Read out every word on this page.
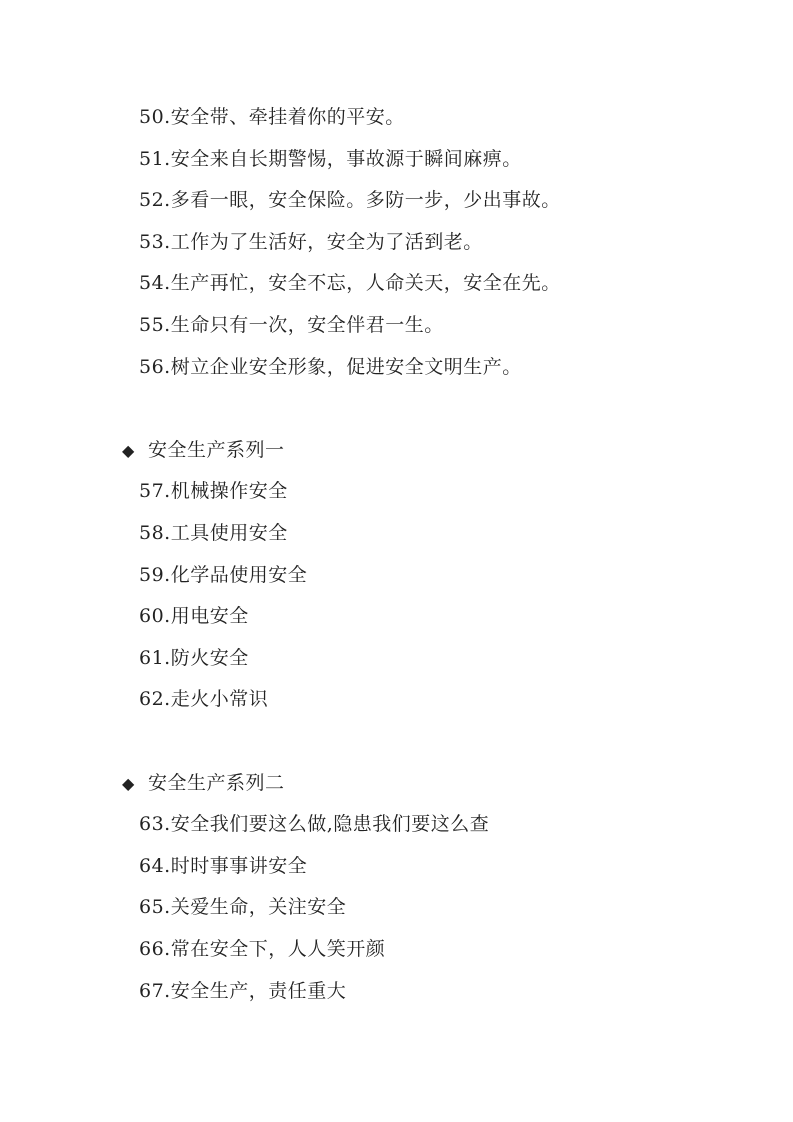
50.安全带、牵挂着你的平安。
51.安全来自长期警惕，事故源于瞬间麻痹。
52.多看一眼，安全保险。多防一步，少出事故。
53.工作为了生活好，安全为了活到老。
54.生产再忙，安全不忘，人命关天，安全在先。
55.生命只有一次，安全伴君一生。
56.树立企业安全形象，促进安全文明生产。
◆ 安全生产系列一
57.机械操作安全
58.工具使用安全
59.化学品使用安全
60.用电安全
61.防火安全
62.走火小常识
◆ 安全生产系列二
63.安全我们要这么做,隐患我们要这么查
64.时时事事讲安全
65.关爱生命，关注安全
66.常在安全下，人人笑开颜
67.安全生产，责任重大
